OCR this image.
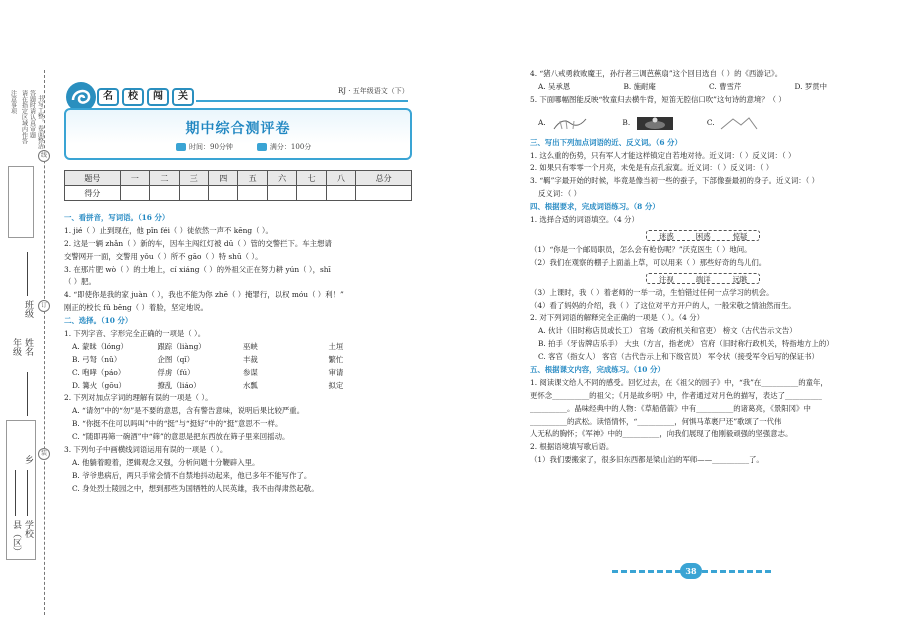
注意事项 请在指定区域内作答 答题时请认真审题 书写工整，卷面整洁
线
订
装
班级
年级 姓名
县（区）
乡
学校
名	校	闯	关	RJ · 五年级语文（下）
期中综合测评卷
时间：90分钟	满分：100分
题号	一	二	三	四	五	六	七	八	总分
得分									
一、看拼音，写词语。（16 分）
1. jié（ ）止到现在，他 pǐn féi（ ）徒依然一声不 kēng（ ）。
2. 这是一辆 zhǎn（ ）新的车，因车主闯红灯被 dū（ ）管的交警拦下。车主想请
交警网开一面，交警用 yǒu（ ）所不 gāo（ ）特 shū（ ）。
3. 在那片肥 wò（ ）的土地上，cí xiáng（ ）的外祖父正在努力耕 yún（ ），shī
（ ）肥。
4. “即使你是我的家 juàn（ ），我也不能为你 zhē（ ）掩罪行，以权 móu（ ）利！”
刚正的校长 fǔ bēng（ ）着脸，坚定地说。
二、选择。（10 分）
1. 下列字音、字形完全正确的一项是（ ）。
A. 蒙昧（lóng）	跟踪（liàng）	巫峡	土垣
B. 弓弩（nǔ）	企图（qǐ）	丰裁	繁忙
C. 咆哮（páo）	俘虏（fú）	参谋	审请
D. 篝火（gōu）	撩乱（liáo）	水瓢	拟定
2. 下列对加点字词的理解有误的一项是（ ）。
A. “请勿”中的“勿”是不要的意思，含有警告意味，说明后果比较严重。
B. “你挺不住可以吗叫”中的“挺”与“挺好”中的“挺”意思不一样。
C. “随即再筛一碗酒”中“筛”的意思是把东西放在筛子里来回摇动。
3. 下列句子中画横线词语运用有误的一项是（ ）。
A. 他躺着瞪着，逻辑观念又强，分析问题十分鞭辟入里。
B. 爷爷患病后，两只手常会情不自禁地抖动起来，他已多年不能写作了。
C. 身处烈士陵园之中，想到那些为国牺牲的人民英雄，我不由得肃然起敬。
4. “猪八戒勇救败魔王，孙行者三调芭蕉扇”这个回目选自（ ）的《西游记》。
A. 吴承恩	B. 施耐庵	C. 曹雪芹	D. 罗贯中
5. 下面哪幅图能反映“牧童归去横牛背，短笛无腔信口吹”这句诗的意境？（ ）
A.	B.	C.
三、写出下列加点词语的近、反义词。（6 分）
1. 这么重的伤势，只有军人才能这样镇定自若地对待。近义词：（ ）反义词：（ ）
2. 如果只有零零一个月亮，未免是有点孔寂寞。近义词：（ ）反义词：（ ）
3. “羁”字最开始的时候，毕竟是像当初一些的蚕子，下部像蚕最初的身子。近义词：（ ）
反义词：（ ）
四、根据要求，完成词语练习。（8 分）
1. 选择合适的词语填空。（4 分）
迷惑	困惑	惊疑
（1）“你是一个邮局职员，怎么会有枪伤呢？”沃克医生（ ）地问。
（2）我们在观察的棚子上面盖上草，可以用来（ ）那些好奇的鸟儿们。
注视	端详	远眺
（3）上课时，我（ ）着老师的一举一动，生怕错过任何一点学习的机会。
（4）看了妈妈的介绍，我（ ）了这位对平方开户的人，一般宋敬之情油然而生。
2. 对下列词语的解释完全正确的一项是（ ）。（4 分）
A. 伙计（旧时称店员或长工） 官场（政府机关和官吏） 榜文（古代告示文告）
B. 拍手（牙齿牌店乐手） 大虫（方言，指老虎） 官府（旧时称行政机关，特指地方上的）
C. 客官（指女人） 客官（古代告示上和下级官员） 军令状（接受军令后写的保证书）
五、根据课文内容，完成练习。（10 分）
1. 阅读课文给人不同的感受。回忆过去，在《祖父的园子》中，“我”在__________的童年，
更怀念__________的祖父；《月是故乡明》中，作者通过对月色的描写，表达了__________
__________。晶味经典中的人物：《草船借箭》中有__________的诸葛亮，《景阳冈》中
__________的武松。读悟情怀，“__________，何惧马革裹尸还”歌颂了一代伟
人无私的胸怀；《军神》中的__________，向我们展现了他刚毅顽强的坚强意志。
2. 根据语境填写歌后语。
（1）我们要搬家了，很多旧东西都是梁山泊的军师——__________了。
38
